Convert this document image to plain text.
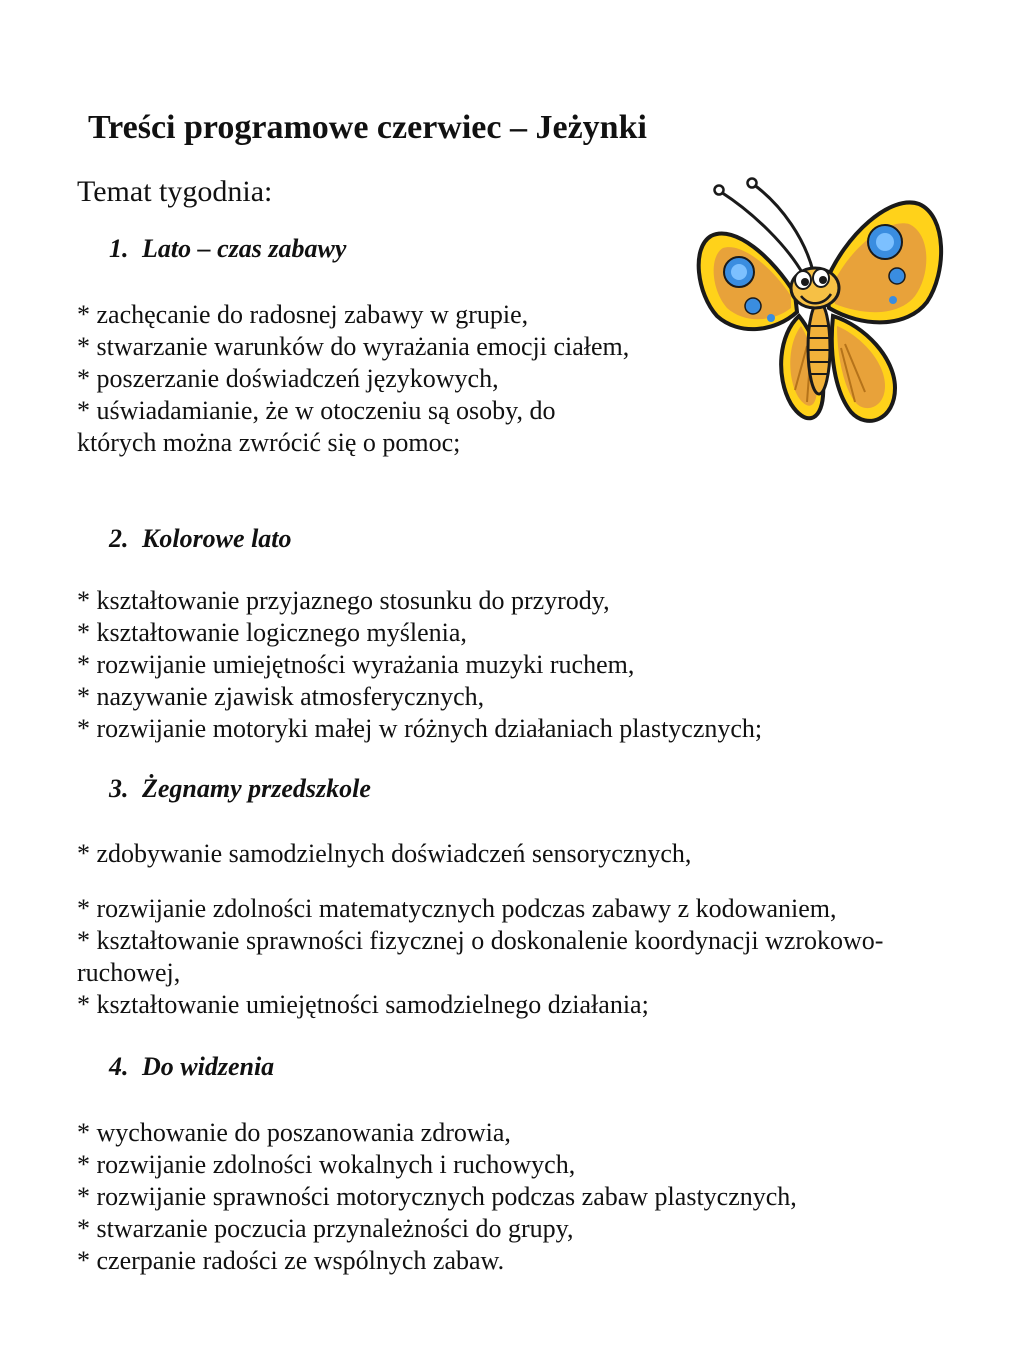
Treści programowe czerwiec – Jeżynki

Temat tygodnia:

1. Lato – czas zabawy
* zachęcanie do radosnej zabawy w grupie,
* stwarzanie warunków do wyrażania emocji ciałem,
* poszerzanie doświadczeń językowych,
* uświadamianie, że w otoczeniu są osoby, do których można zwrócić się o pomoc;
2. Kolorowe lato
* kształtowanie przyjaznego stosunku do przyrody,
* kształtowanie logicznego myślenia,
* rozwijanie umiejętności wyrażania muzyki ruchem,
* nazywanie zjawisk atmosferycznych,
* rozwijanie motoryki małej w różnych działaniach plastycznych;
3. Żegnamy przedszkole
* zdobywanie samodzielnych doświadczeń sensorycznych,
* rozwijanie zdolności matematycznych podczas zabawy z kodowaniem,
* kształtowanie sprawności fizycznej o doskonalenie koordynacji wzrokowo-ruchowej,
* kształtowanie umiejętności samodzielnego działania;
4. Do widzenia
* wychowanie do poszanowania zdrowia,
* rozwijanie zdolności wokalnych i ruchowych,
* rozwijanie sprawności motorycznych podczas zabaw plastycznych,
* stwarzanie poczucia przynależności do grupy,
* czerpanie radości ze wspólnych zabaw.
